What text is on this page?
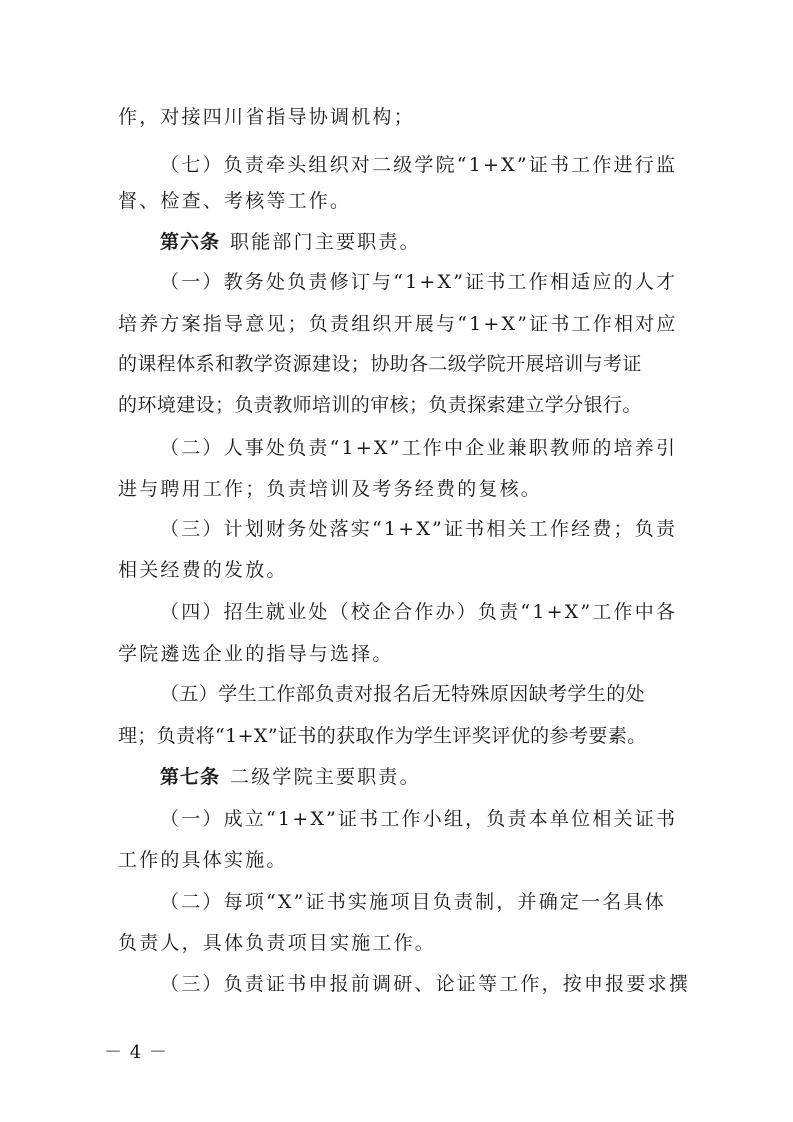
作，对接四川省指导协调机构；
（七）负责牵头组织对二级学院“1+X”证书工作进行监
督、检查、考核等工作。
第六条 职能部门主要职责。
（一）教务处负责修订与“1+X”证书工作相适应的人才
培养方案指导意见；负责组织开展与“1+X”证书工作相对应
的课程体系和教学资源建设；协助各二级学院开展培训与考证
的环境建设；负责教师培训的审核；负责探索建立学分银行。
（二）人事处负责“1+X”工作中企业兼职教师的培养引
进与聘用工作；负责培训及考务经费的复核。
（三）计划财务处落实“1+X”证书相关工作经费；负责
相关经费的发放。
（四）招生就业处（校企合作办）负责“1+X”工作中各
学院遴选企业的指导与选择。
（五）学生工作部负责对报名后无特殊原因缺考学生的处
理；负责将“1+X”证书的获取作为学生评奖评优的参考要素。
第七条 二级学院主要职责。
（一）成立“1+X”证书工作小组，负责本单位相关证书
工作的具体实施。
（二）每项“X”证书实施项目负责制，并确定一名具体
负责人，具体负责项目实施工作。
（三）负责证书申报前调研、论证等工作，按申报要求撰
－ 4 －
